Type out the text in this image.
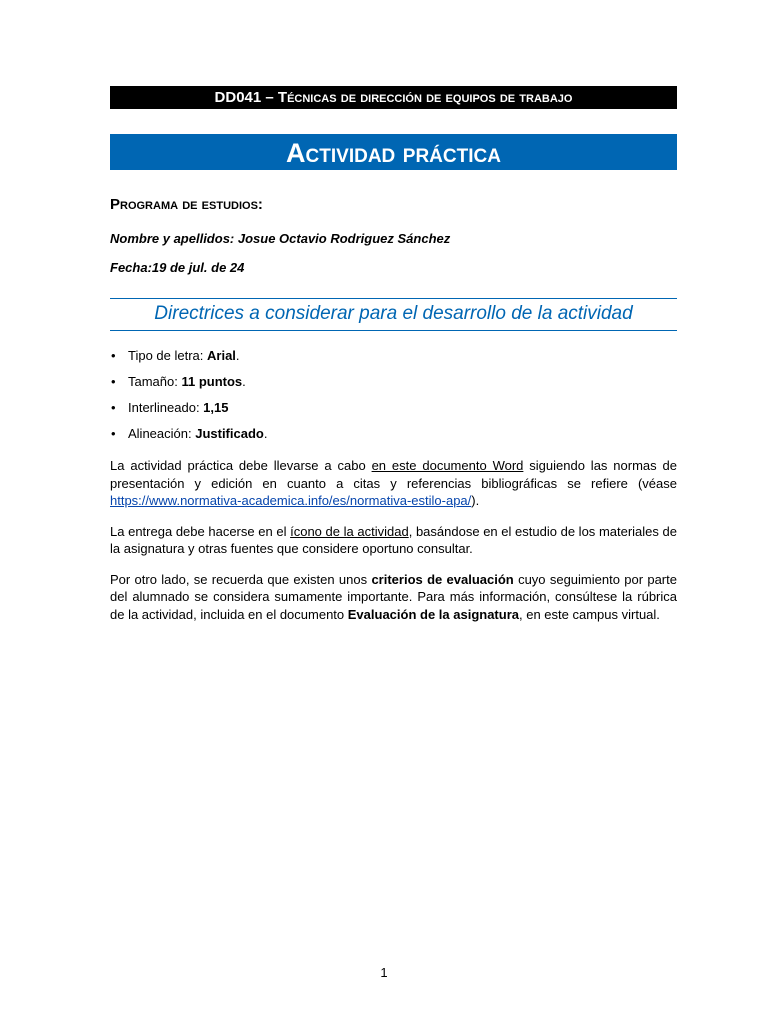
DD041 – Técnicas de dirección de equipos de trabajo
Actividad práctica
Programa de estudios:
Nombre y apellidos: Josue Octavio Rodriguez Sánchez
Fecha:19 de jul. de 24
Directrices a considerar para el desarrollo de la actividad
• Tipo de letra: Arial.
• Tamaño: 11 puntos.
• Interlineado: 1,15
• Alineación: Justificado.

La actividad práctica debe llevarse a cabo en este documento Word siguiendo las normas de presentación y edición en cuanto a citas y referencias bibliográficas se refiere (véase https://www.normativa-academica.info/es/normativa-estilo-apa/).

La entrega debe hacerse en el ícono de la actividad, basándose en el estudio de los materiales de la asignatura y otras fuentes que considere oportuno consultar.

Por otro lado, se recuerda que existen unos criterios de evaluación cuyo seguimiento por parte del alumnado se considera sumamente importante. Para más información, consúltese la rúbrica de la actividad, incluida en el documento Evaluación de la asignatura, en este campus virtual.

1
